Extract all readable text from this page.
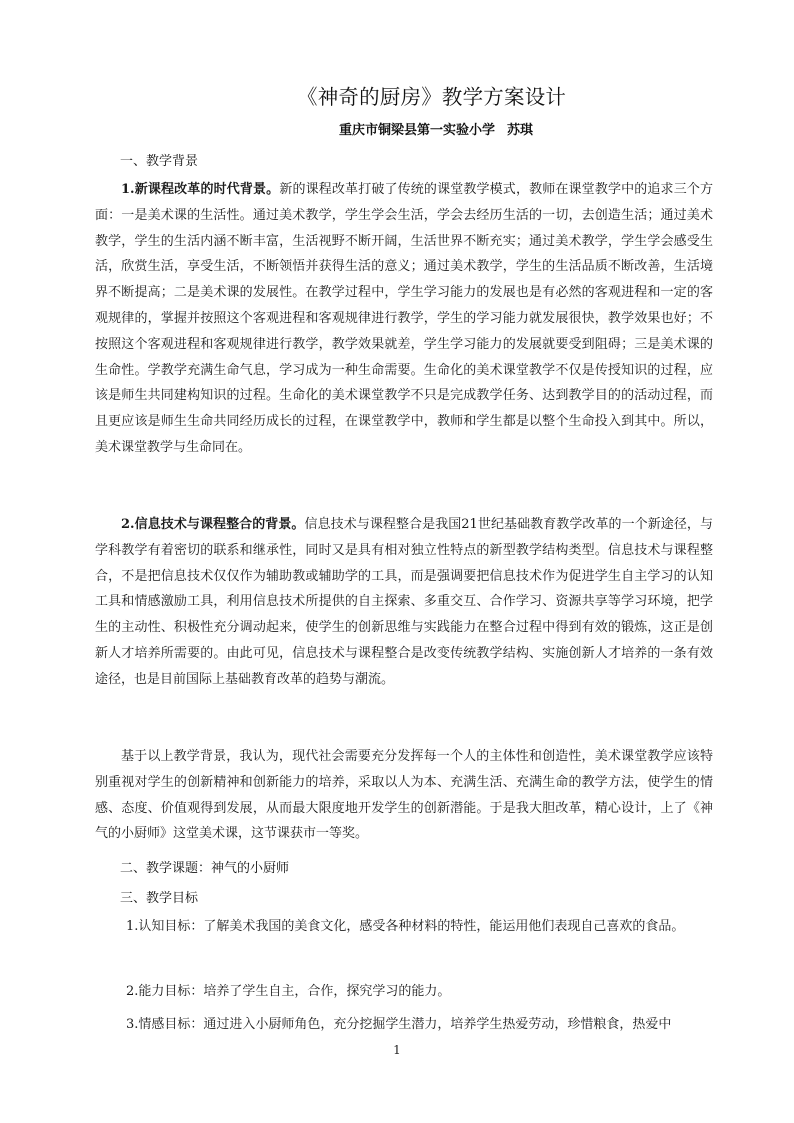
《神奇的厨房》教学方案设计
重庆市铜梁县第一实验小学 苏琪
一、教学背景

1.新课程改革的时代背景。新的课程改革打破了传统的课堂教学模式，教师在课堂教学中的追求三个方面：一是美术课的生活性。通过美术教学，学生学会生活，学会去经历生活的一切，去创造生活；通过美术教学，学生的生活内涵不断丰富，生活视野不断开阔，生活世界不断充实；通过美术教学，学生学会感受生活，欣赏生活，享受生活，不断领悟并获得生活的意义；通过美术教学，学生的生活品质不断改善，生活境界不断提高；二是美术课的发展性。在教学过程中，学生学习能力的发展也是有必然的客观进程和一定的客观规律的，掌握并按照这个客观进程和客观规律进行教学，学生的学习能力就发展很快，教学效果也好；不按照这个客观进程和客观规律进行教学，教学效果就差，学生学习能力的发展就要受到阻碍；三是美术课的生命性。学教学充满生命气息，学习成为一种生命需要。生命化的美术课堂教学不仅是传授知识的过程，应该是师生共同建构知识的过程。生命化的美术课堂教学不只是完成教学任务、达到教学目的的活动过程，而且更应该是师生生命共同经历成长的过程，在课堂教学中，教师和学生都是以整个生命投入到其中。所以，美术课堂教学与生命同在。

2.信息技术与课程整合的背景。信息技术与课程整合是我国21世纪基础教育教学改革的一个新途径，与学科教学有着密切的联系和继承性，同时又是具有相对独立性特点的新型教学结构类型。信息技术与课程整合，不是把信息技术仅仅作为辅助教或辅助学的工具，而是强调要把信息技术作为促进学生自主学习的认知工具和情感激励工具，利用信息技术所提供的自主探索、多重交互、合作学习、资源共享等学习环境，把学生的主动性、积极性充分调动起来，使学生的创新思维与实践能力在整合过程中得到有效的锻炼，这正是创新人才培养所需要的。由此可见，信息技术与课程整合是改变传统教学结构、实施创新人才培养的一条有效途径，也是目前国际上基础教育改革的趋势与潮流。

基于以上教学背景，我认为，现代社会需要充分发挥每一个人的主体性和创造性，美术课堂教学应该特别重视对学生的创新精神和创新能力的培养，采取以人为本、充满生活、充满生命的教学方法，使学生的情感、态度、价值观得到发展，从而最大限度地开发学生的创新潜能。于是我大胆改革，精心设计，上了《神气的小厨师》这堂美术课，这节课获市一等奖。

二、教学课题：神气的小厨师
三、教学目标

1.认知目标：了解美术我国的美食文化，感受各种材料的特性，能运用他们表现自己喜欢的食品。

2.能力目标：培养了学生自主，合作，探究学习的能力。

3.情感目标：通过进入小厨师角色，充分挖掘学生潜力，培养学生热爱劳动，珍惜粮食，热爱中

1
